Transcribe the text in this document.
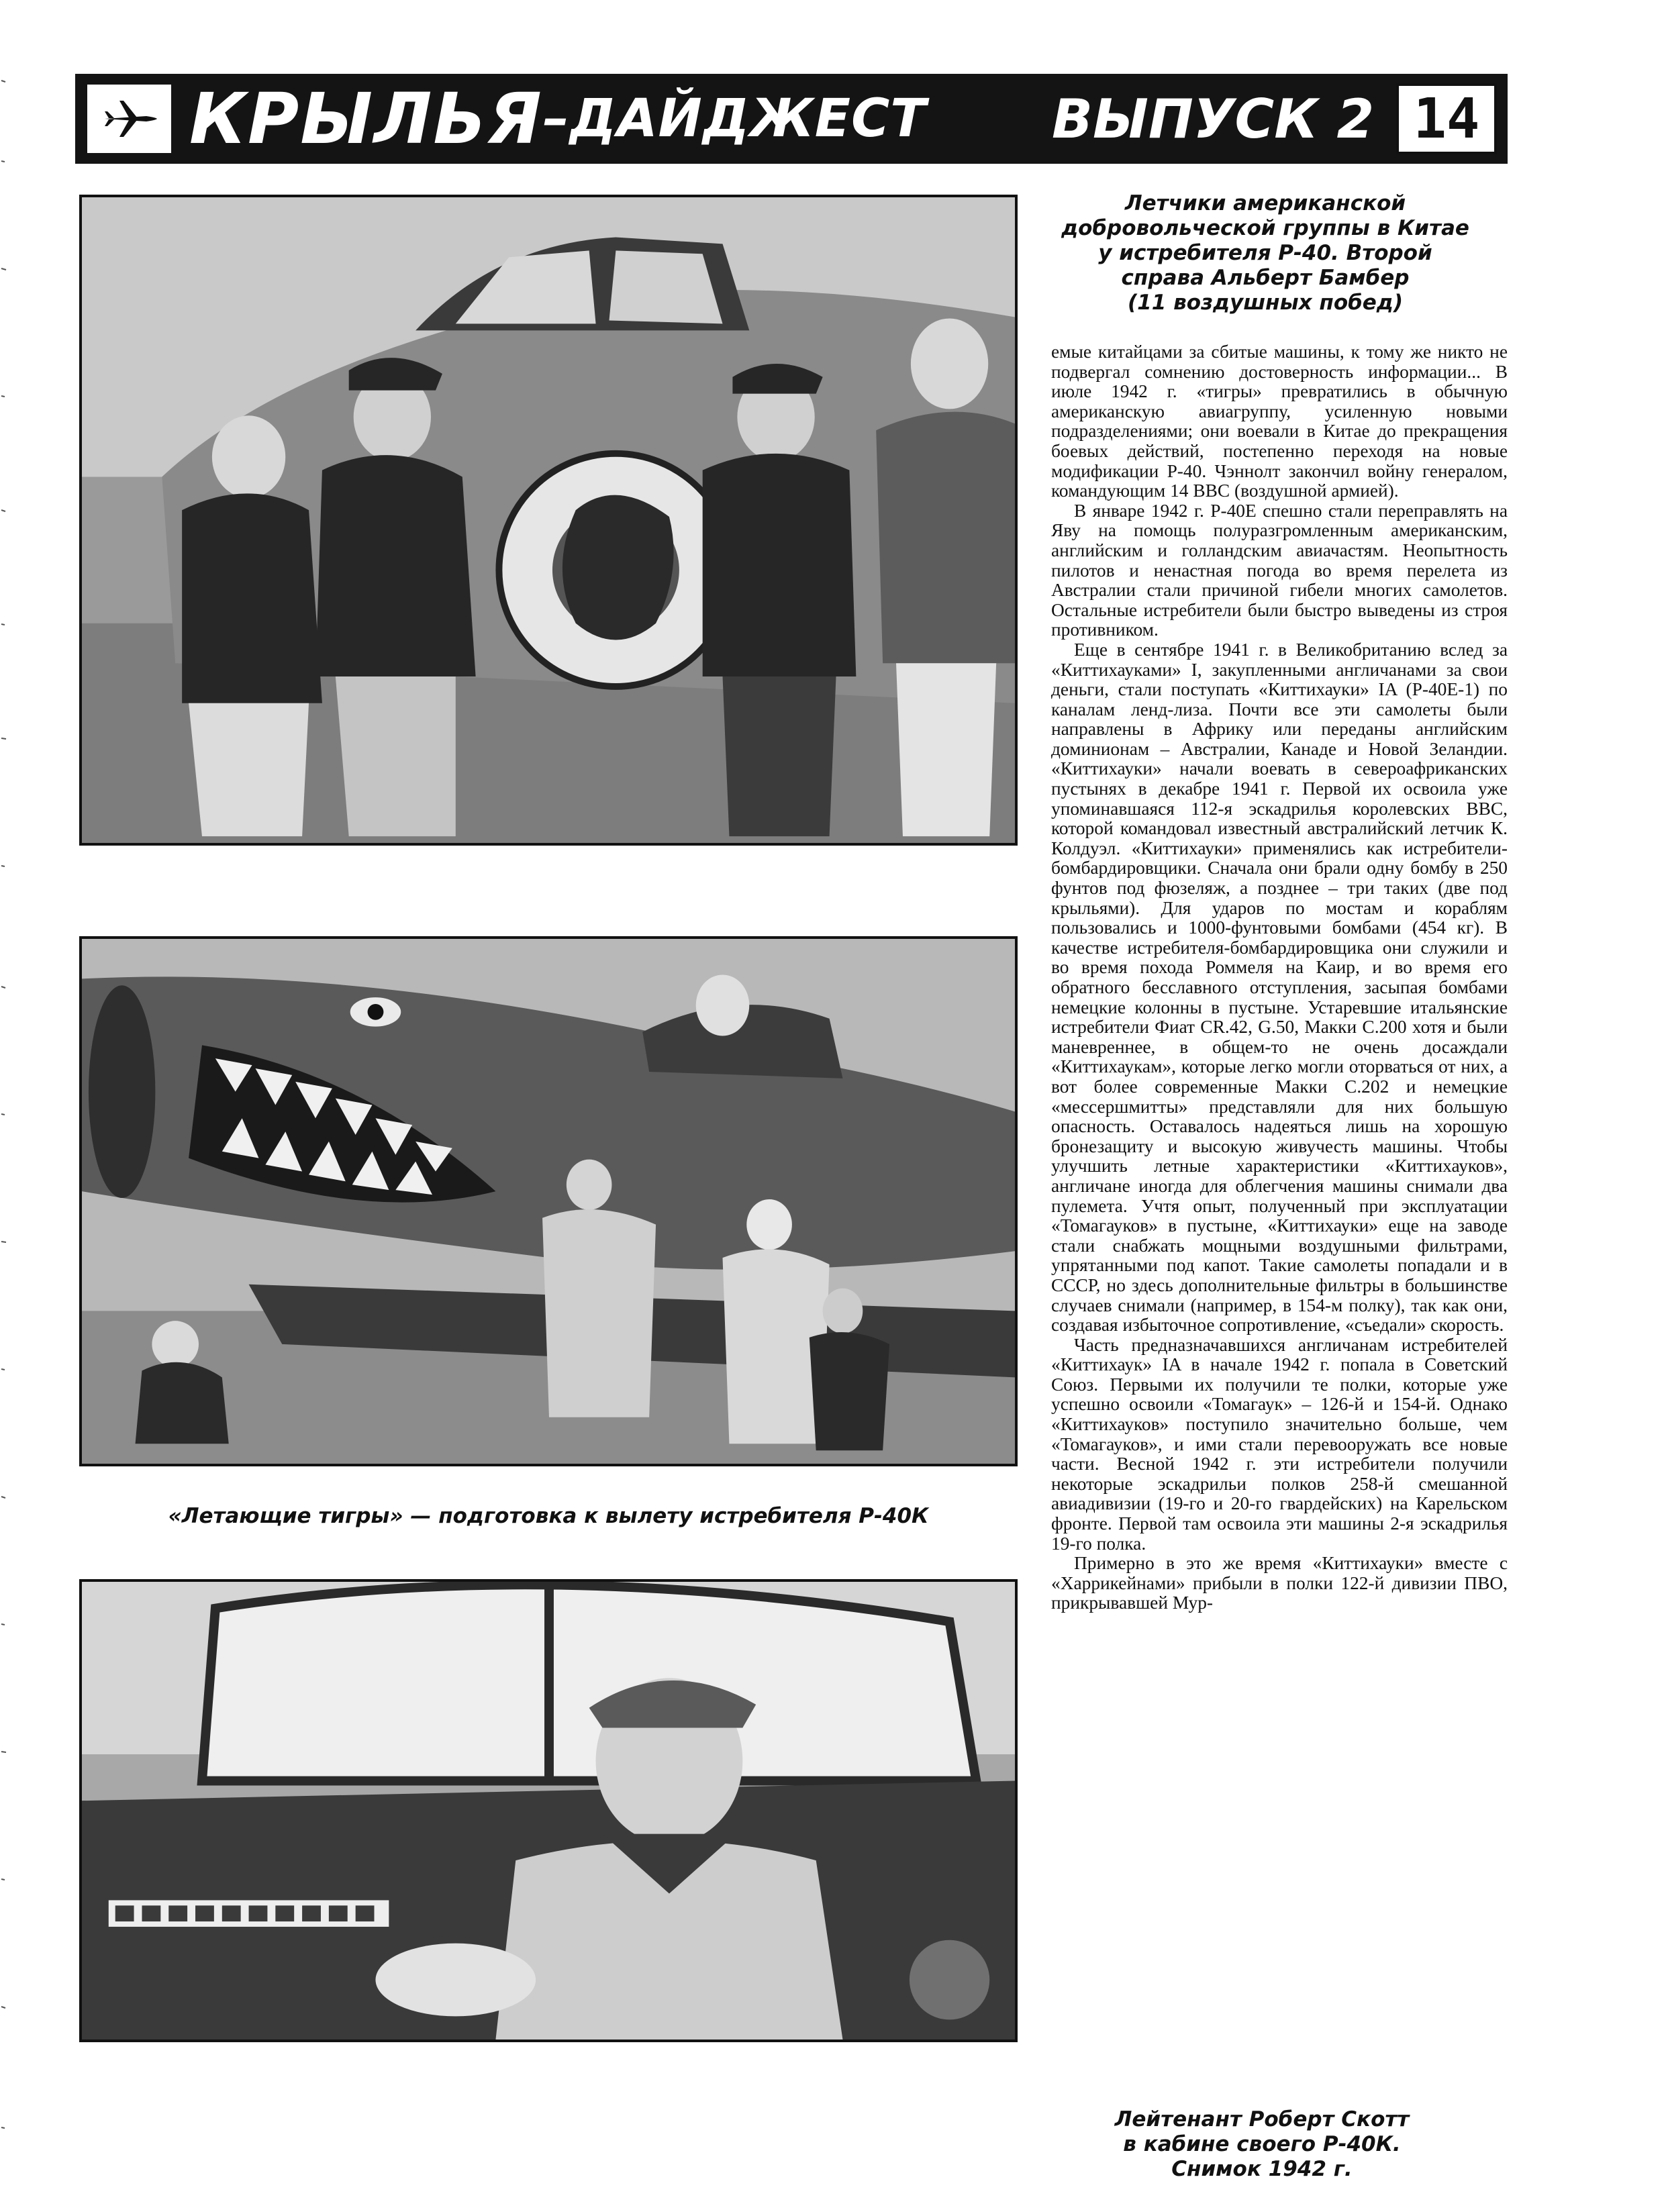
КРЫЛЬЯ –ДАЙДЖЕСТ ВЫПУСК 2 14
Летчики американской
добровольческой группы в Китае
у истребителя Р-40. Второй
справа Альберт Бамбер
(11 воздушных побед)

емые китайцами за сбитые машины, к тому же никто не подвергал сомнению достоверность информации... В июле 1942 г. «тигры» превратились в обычную американскую авиагруппу, усиленную новыми подразделениями; они воевали в Китае до прекращения боевых действий, постепенно переходя на новые модификации Р-40. Чэннолт закончил войну генералом, командующим 14 ВВС (воздушной армией).

В январе 1942 г. Р-40Е спешно стали переправлять на Яву на помощь полуразгромленным американским, английским и голландским авиачастям. Неопытность пилотов и ненастная погода во время перелета из Австралии стали причиной гибели многих самолетов. Остальные истребители были быстро выведены из строя противником.

Еще в сентябре 1941 г. в Великобританию вслед за «Киттихауками» I, закупленными англичанами за свои деньги, стали поступать «Киттихауки» IA (Р-40Е-1) по каналам ленд-лиза. Почти все эти самолеты были направлены в Африку или переданы английским доминионам – Австралии, Канаде и Новой Зеландии. «Киттихауки» начали воевать в североафриканских пустынях в декабре 1941 г. Первой их освоила уже упоминавшаяся 112-я эскадрилья королевских ВВС, которой командовал известный австралийский летчик К. Колдуэл. «Киттихауки» применялись как истребители-бомбардировщики. Сначала они брали одну бомбу в 250 фунтов под фюзеляж, а позднее – три таких (две под крыльями). Для ударов по мостам и кораблям пользовались и 1000-фунтовыми бомбами (454 кг). В качестве истребителя-бомбардировщика они служили и во время похода Роммеля на Каир, и во время его обратного бесславного отступления, засыпая бомбами немецкие колонны в пустыне. Устаревшие итальянские истребители Фиат CR.42, G.50, Макки С.200 хотя и были маневреннее, в общем-то не очень досаждали «Киттихаукам», которые легко могли оторваться от них, а вот более современные Макки С.202 и немецкие «мессершмитты» представляли для них большую опасность. Оставалось надеяться лишь на хорошую бронезащиту и высокую живучесть машины. Чтобы улучшить летные характеристики «Киттихауков», англичане иногда для облегчения машины снимали два пулемета. Учтя опыт, полученный при эксплуатации «Томагауков» в пустыне, «Киттихауки» еще на заводе стали снабжать мощными воздушными фильтрами, упрятанными под капот. Такие самолеты попадали и в СССР, но здесь дополнительные фильтры в большинстве случаев снимали (например, в 154-м полку), так как они, создавая избыточное сопротивление, «съедали» скорость.

Часть предназначавшихся англичанам истребителей «Киттихаук» IA в начале 1942 г. попала в Советский Союз. Первыми их получили те полки, которые уже успешно освоили «Томагаук» – 126-й и 154-й. Однако «Киттихауков» поступило значительно больше, чем «Томагауков», и ими стали перевооружать все новые части. Весной 1942 г. эти истребители получили некоторые эскадрильи полков 258-й смешанной авиадивизии (19-го и 20-го гвардейских) на Карельском фронте. Первой там освоила эти машины 2-я эскадрилья 19-го полка.

Примерно в это же время «Киттихауки» вместе с «Харрикейнами» прибыли в полки 122-й дивизии ПВО, прикрывавшей Мур-

«Летающие тигры» — подготовка к вылету истребителя Р-40К
Лейтенант Роберт Скотт
в кабине своего Р-40К.
Снимок 1942 г.
